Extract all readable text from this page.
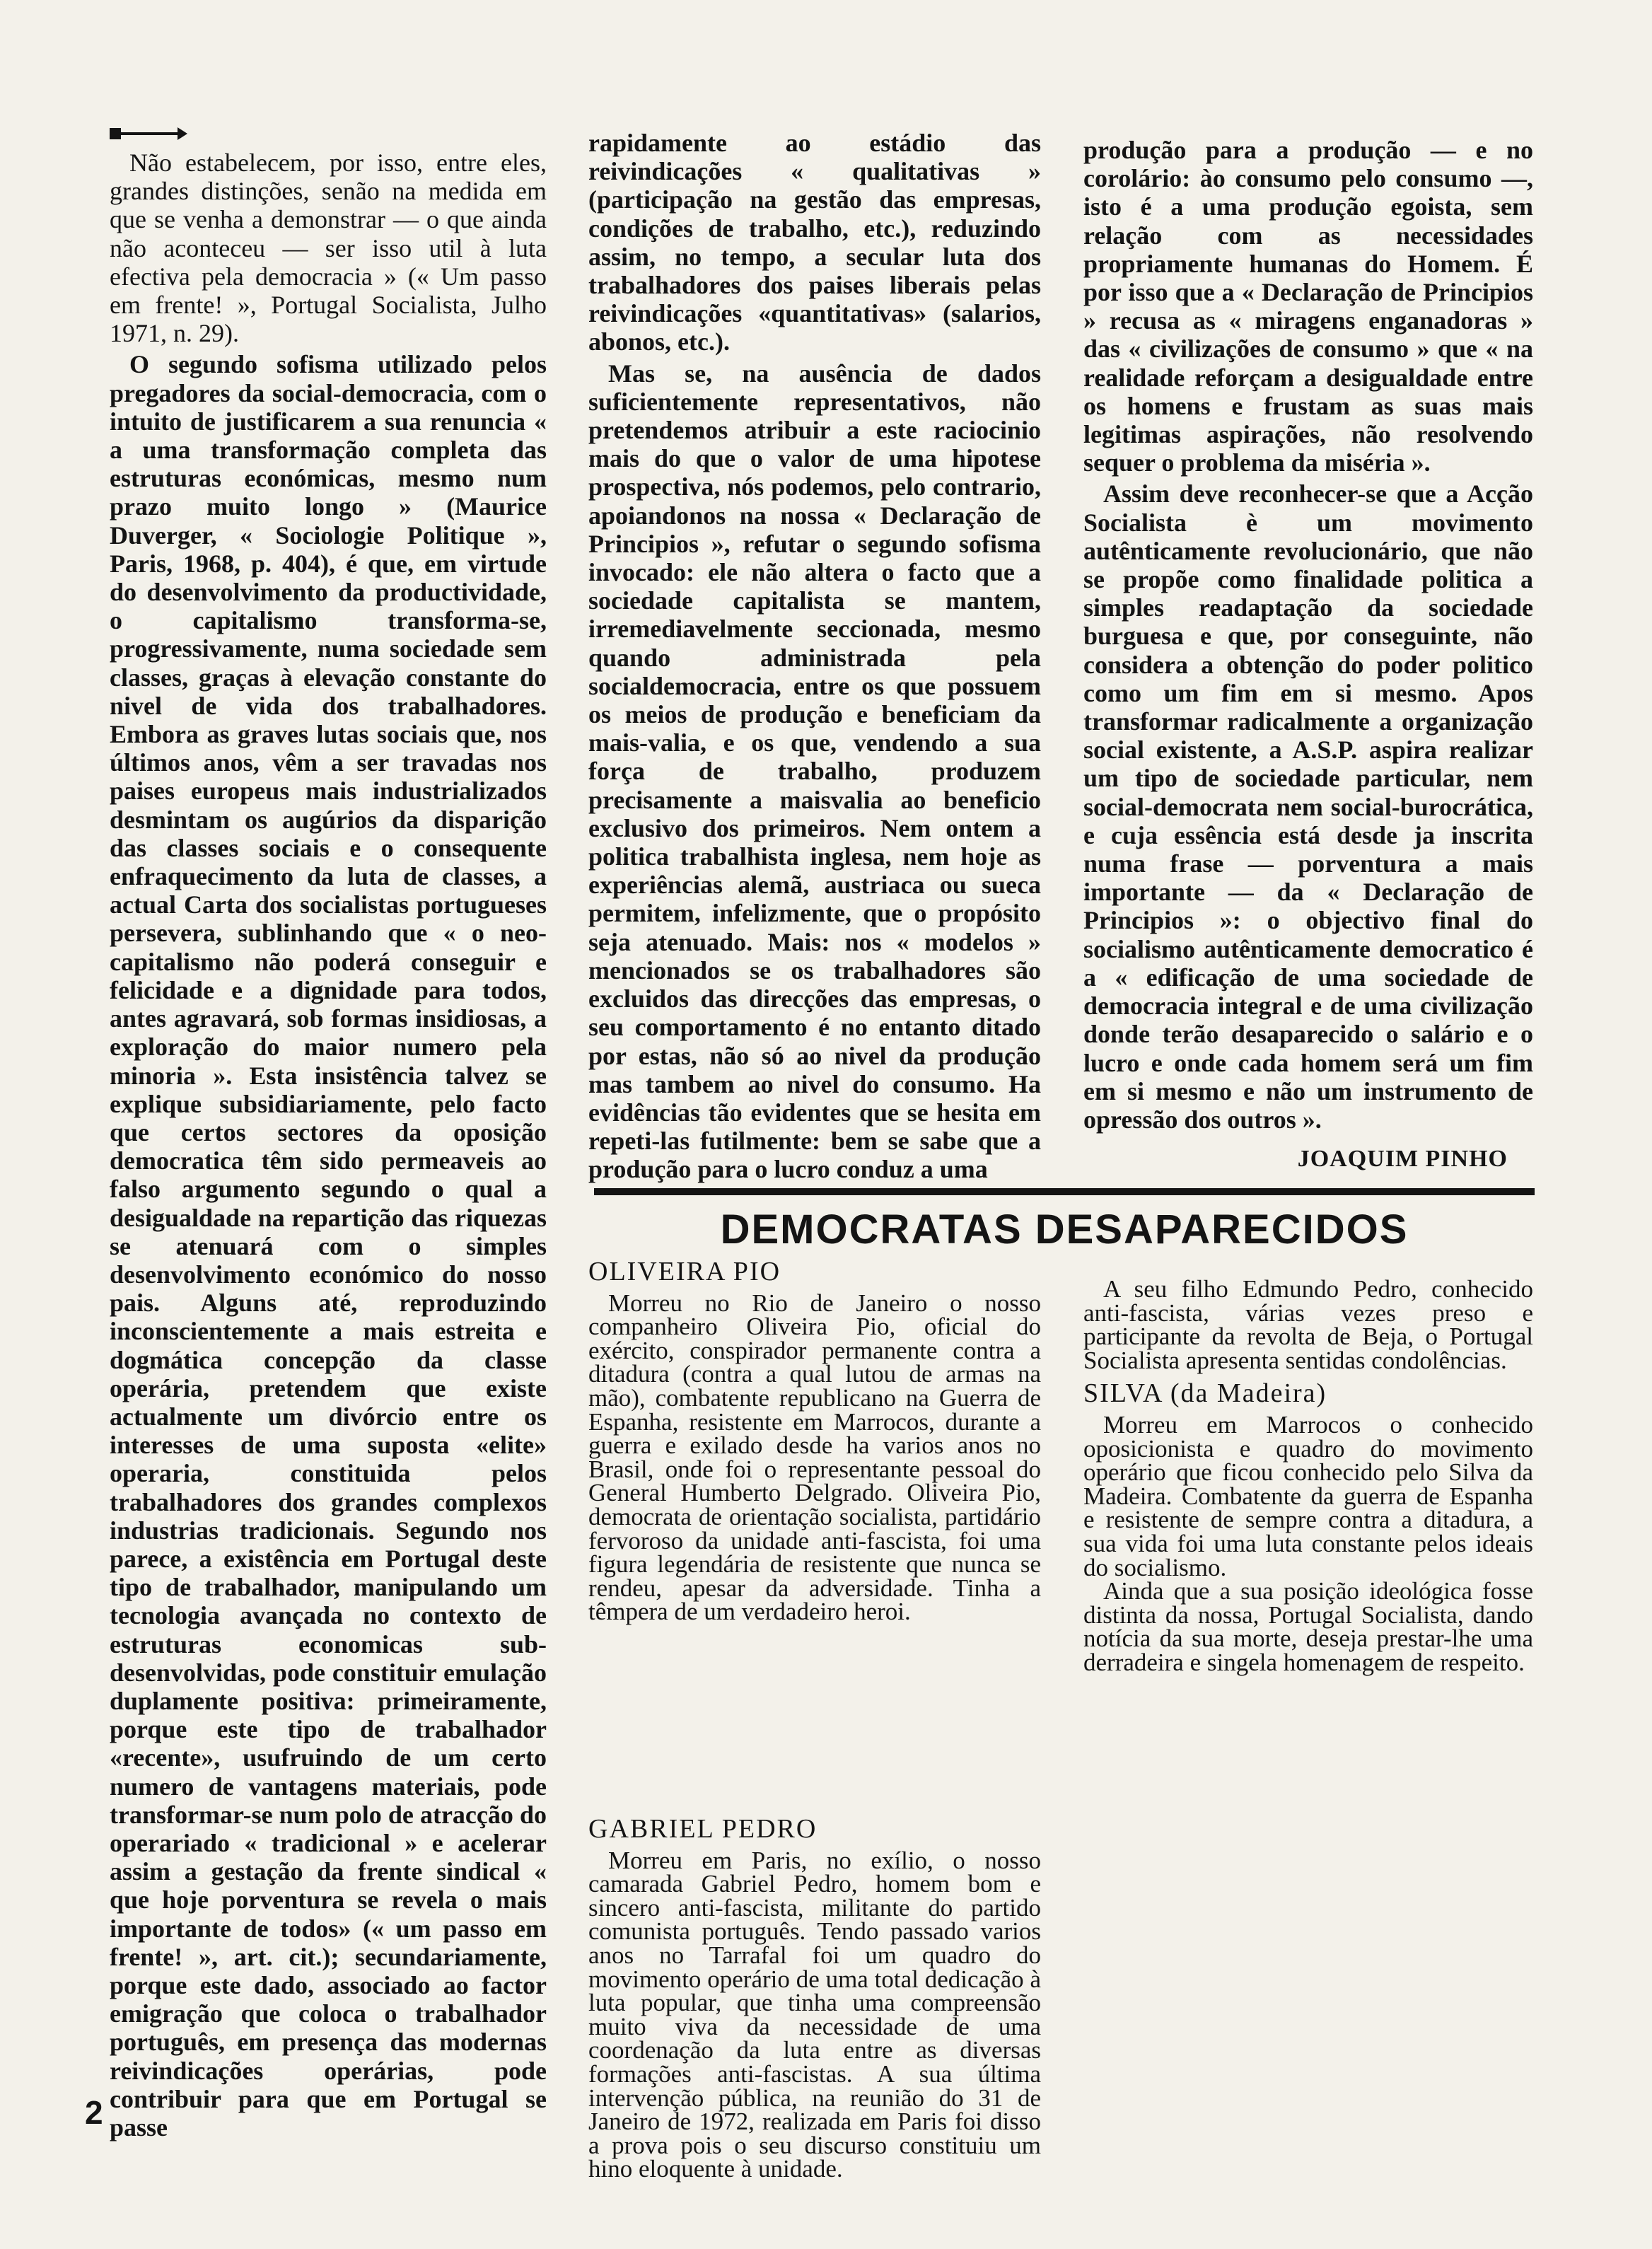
Não estabelecem, por isso, entre eles, grandes distinções, senão na medida em que se venha a demonstrar — o que ainda não aconteceu — ser isso util à luta efectiva pela democracia » (« Um passo em frente! », Portugal Socialista, Julho 1971, n. 29).

O segundo sofisma utilizado pelos pregadores da social-democracia, com o intuito de justificarem a sua renuncia « a uma transformação completa das estruturas económicas, mesmo num prazo muito longo » (Maurice Duverger, « Sociologie Politique », Paris, 1968, p. 404), é que, em virtude do desenvolvimento da productividade, o capitalismo transforma-se, progressivamente, numa sociedade sem classes, graças à elevação constante do nivel de vida dos trabalhadores. Embora as graves lutas sociais que, nos últimos anos, vêm a ser travadas nos paises europeus mais industrializados desmintam os augúrios da disparição das classes sociais e o consequente enfraquecimento da luta de classes, a actual Carta dos socialistas portugueses persevera, sublinhando que « o neo-capitalismo não poderá conseguir e felicidade e a dignidade para todos, antes agravará, sob formas insidiosas, a exploração do maior numero pela minoria ». Esta insistência talvez se explique subsidiariamente, pelo facto que certos sectores da oposição democratica têm sido permeaveis ao falso argumento segundo o qual a desigualdade na repartição das riquezas se atenuará com o simples desenvolvimento económico do nosso pais. Alguns até, reproduzindo inconscientemente a mais estreita e dogmática concepção da classe operária, pretendem que existe actualmente um divórcio entre os interesses de uma suposta «elite» operaria, constituida pelos trabalhadores dos grandes complexos industrias tradicionais. Segundo nos parece, a existência em Portugal deste tipo de trabalhador, manipulando um tecnologia avançada no contexto de estruturas economicas sub-desenvolvidas, pode constituir emulação duplamente positiva: primeiramente, porque este tipo de trabalhador «recente», usufruindo de um certo numero de vantagens materiais, pode transformar-se num polo de atracção do operariado « tradicional » e acelerar assim a gestação da frente sindical « que hoje porventura se revela o mais importante de todos» (« um passo em frente! », art. cit.); secundariamente, porque este dado, associado ao factor emigração que coloca o trabalhador português, em presença das modernas reivindicações operárias, pode contribuir para que em Portugal se passe

rapidamente ao estádio das reivindicações « qualitativas » (participação na gestão das empresas, condições de trabalho, etc.), reduzindo assim, no tempo, a secular luta dos trabalhadores dos paises liberais pelas reivindicações «quantitativas» (salarios, abonos, etc.).

Mas se, na ausência de dados suficientemente representativos, não pretendemos atribuir a este raciocinio mais do que o valor de uma hipotese prospectiva, nós podemos, pelo contrario, apoiandonos na nossa « Declaração de Principios », refutar o segundo sofisma invocado: ele não altera o facto que a sociedade capitalista se mantem, irremediavelmente seccionada, mesmo quando administrada pela socialdemocracia, entre os que possuem os meios de produção e beneficiam da mais-valia, e os que, vendendo a sua força de trabalho, produzem precisamente a maisvalia ao beneficio exclusivo dos primeiros. Nem ontem a politica trabalhista inglesa, nem hoje as experiências alemã, austriaca ou sueca permitem, infelizmente, que o propósito seja atenuado. Mais: nos « modelos » mencionados se os trabalhadores são excluidos das direcções das empresas, o seu comportamento é no entanto ditado por estas, não só ao nivel da produção mas tambem ao nivel do consumo. Ha evidências tão evidentes que se hesita em repeti-las futilmente: bem se sabe que a produção para o lucro conduz a uma

produção para a produção — e no corolário: ào consumo pelo consumo —, isto é a uma produção egoista, sem relação com as necessidades propriamente humanas do Homem. É por isso que a « Declaração de Principios » recusa as « miragens enganadoras » das « civilizações de consumo » que « na realidade reforçam a desigualdade entre os homens e frustam as suas mais legitimas aspirações, não resolvendo sequer o problema da miséria ».

Assim deve reconhecer-se que a Acção Socialista è um movimento autênticamente revolucionário, que não se propõe como finalidade politica a simples readaptação da sociedade burguesa e que, por conseguinte, não considera a obtenção do poder politico como um fim em si mesmo. Apos transformar radicalmente a organização social existente, a A.S.P. aspira realizar um tipo de sociedade particular, nem social-democrata nem social-burocrática, e cuja essência está desde ja inscrita numa frase — porventura a mais importante — da « Declaração de Principios »: o objectivo final do socialismo autênticamente democratico é a « edificação de uma sociedade de democracia integral e de uma civilização donde terão desaparecido o salário e o lucro e onde cada homem será um fim em si mesmo e não um instrumento de opressão dos outros ».

JOAQUIM PINHO
DEMOCRATAS DESAPARECIDOS
OLIVEIRA PIO

Morreu no Rio de Janeiro o nosso companheiro Oliveira Pio, oficial do exército, conspirador permanente contra a ditadura (contra a qual lutou de armas na mão), combatente republicano na Guerra de Espanha, resistente em Marrocos, durante a guerra e exilado desde ha varios anos no Brasil, onde foi o representante pessoal do General Humberto Delgrado. Oliveira Pio, democrata de orientação socialista, partidário fervoroso da unidade anti-fascista, foi uma figura legendária de resistente que nunca se rendeu, apesar da adversidade. Tinha a têmpera de um verdadeiro heroi.

GABRIEL PEDRO

Morreu em Paris, no exílio, o nosso camarada Gabriel Pedro, homem bom e sincero anti-fascista, militante do partido comunista português. Tendo passado varios anos no Tarrafal foi um quadro do movimento operário de uma total dedicação à luta popular, que tinha uma compreensão muito viva da necessidade de uma coordenação da luta entre as diversas formações anti-fascistas. A sua última intervenção pública, na reunião do 31 de Janeiro de 1972, realizada em Paris foi disso a prova pois o seu discurso constituiu um hino eloquente à unidade.

A seu filho Edmundo Pedro, conhecido anti-fascista, várias vezes preso e participante da revolta de Beja, o Portugal Socialista apresenta sentidas condolências.

SILVA (da Madeira)

Morreu em Marrocos o conhecido oposicionista e quadro do movimento operário que ficou conhecido pelo Silva da Madeira. Combatente da guerra de Espanha e resistente de sempre contra a ditadura, a sua vida foi uma luta constante pelos ideais do socialismo.

Ainda que a sua posição ideológica fosse distinta da nossa, Portugal Socialista, dando notícia da sua morte, deseja prestar-lhe uma derradeira e singela homenagem de respeito.

2
